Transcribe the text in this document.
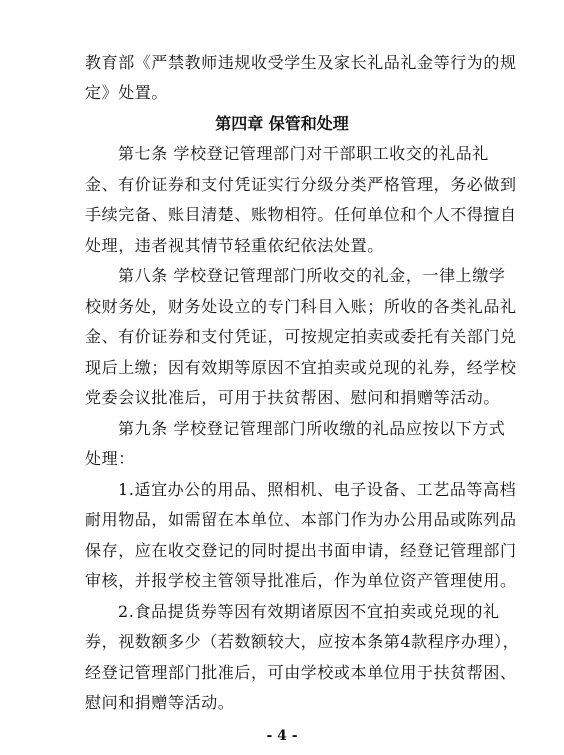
教育部《严禁教师违规收受学生及家长礼品礼金等行为的规
定》处置。
第四章 保管和处理
第七条 学校登记管理部门对干部职工收交的礼品礼
金、有价证券和支付凭证实行分级分类严格管理，务必做到
手续完备、账目清楚、账物相符。任何单位和个人不得擅自
处理，违者视其情节轻重依纪依法处置。
第八条 学校登记管理部门所收交的礼金，一律上缴学
校财务处，财务处设立的专门科目入账；所收的各类礼品礼
金、有价证券和支付凭证，可按规定拍卖或委托有关部门兑
现后上缴；因有效期等原因不宜拍卖或兑现的礼券，经学校
党委会议批准后，可用于扶贫帮困、慰问和捐赠等活动。
第九条 学校登记管理部门所收缴的礼品应按以下方式
处理：
1.适宜办公的用品、照相机、电子设备、工艺品等高档
耐用物品，如需留在本单位、本部门作为办公用品或陈列品
保存，应在收交登记的同时提出书面申请，经登记管理部门
审核，并报学校主管领导批准后，作为单位资产管理使用。
2.食品提货券等因有效期诸原因不宜拍卖或兑现的礼
券，视数额多少（若数额较大，应按本条第4款程序办理），
经登记管理部门批准后，可由学校或本单位用于扶贫帮困、
慰问和捐赠等活动。
- 4 -
